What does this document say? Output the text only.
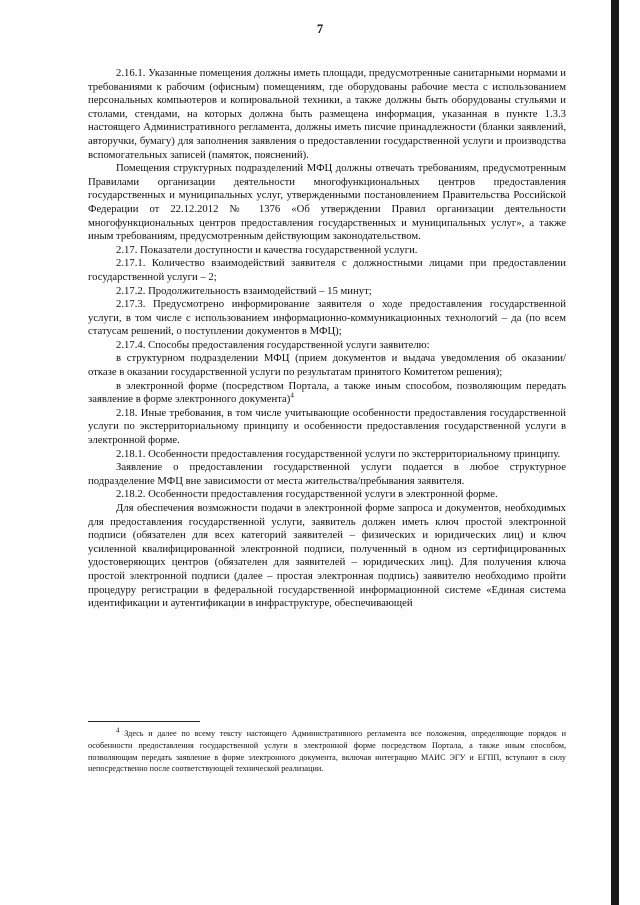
7

2.16.1. Указанные помещения должны иметь площади, предусмотренные санитарными нормами и требованиями к рабочим (офисным) помещениям, где оборудованы рабочие места с использованием персональных компьютеров и копировальной техники, а также должны быть оборудованы стульями и столами, стендами, на которых должна быть размещена информация, указанная в пункте 1.3.3 настоящего Административного регламента, должны иметь писчие принадлежности (бланки заявлений, авторучки, бумагу) для заполнения заявления о предоставлении государственной услуги и производства вспомогательных записей (памяток, пояснений).

Помещения структурных подразделений МФЦ должны отвечать требованиям, предусмотренным Правилами организации деятельности многофункциональных центров предоставления государственных и муниципальных услуг, утвержденными постановлением Правительства Российской Федерации от 22.12.2012 № 1376 «Об утверждении Правил организации деятельности многофункциональных центров предоставления государственных и муниципальных услуг», а также иным требованиям, предусмотренным действующим законодательством.

2.17. Показатели доступности и качества государственной услуги.

2.17.1. Количество взаимодействий заявителя с должностными лицами при предоставлении государственной услуги – 2;

2.17.2. Продолжительность взаимодействий – 15 минут;

2.17.3. Предусмотрено информирование заявителя о ходе предоставления государственной услуги, в том числе с использованием информационно-коммуникационных технологий – да (по всем статусам решений, о поступлении документов в МФЦ);

2.17.4. Способы предоставления государственной услуги заявителю:

в структурном подразделении МФЦ (прием документов и выдача уведомления об оказании/ отказе в оказании государственной услуги по результатам принятого Комитетом решения);

в электронной форме (посредством Портала, а также иным способом, позволяющим передать заявление в форме электронного документа)$^4$

2.18. Иные требования, в том числе учитывающие особенности предоставления государственной услуги по экстерриториальному принципу и особенности предоставления государственной услуги в электронной форме.

2.18.1. Особенности предоставления государственной услуги по экстерриториальному принципу.

Заявление о предоставлении государственной услуги подается в любое структурное подразделение МФЦ вне зависимости от места жительства/пребывания заявителя.

2.18.2. Особенности предоставления государственной услуги в электронной форме.

Для обеспечения возможности подачи в электронной форме запроса и документов, необходимых для предоставления государственной услуги, заявитель должен иметь ключ простой электронной подписи (обязателен для всех категорий заявителей – физических и юридических лиц) и ключ усиленной квалифицированной электронной подписи, полученный в одном из сертифицированных удостоверяющих центров (обязателен для заявителей – юридических лиц). Для получения ключа простой электронной подписи (далее – простая электронная подпись) заявителю необходимо пройти процедуру регистрации в федеральной государственной информационной системе «Единая система идентификации и аутентификации в инфраструктуре, обеспечивающей

$^4$ Здесь и далее по всему тексту настоящего Административного регламента все положения, определяющие порядок и особенности предоставления государственной услуги в электронной форме посредством Портала, а также иным способом, позволяющим передать заявление в форме электронного документа, включая интеграцию МАИС ЭГУ и ЕГПП, вступают в силу непосредственно после соответствующей технической реализации.
